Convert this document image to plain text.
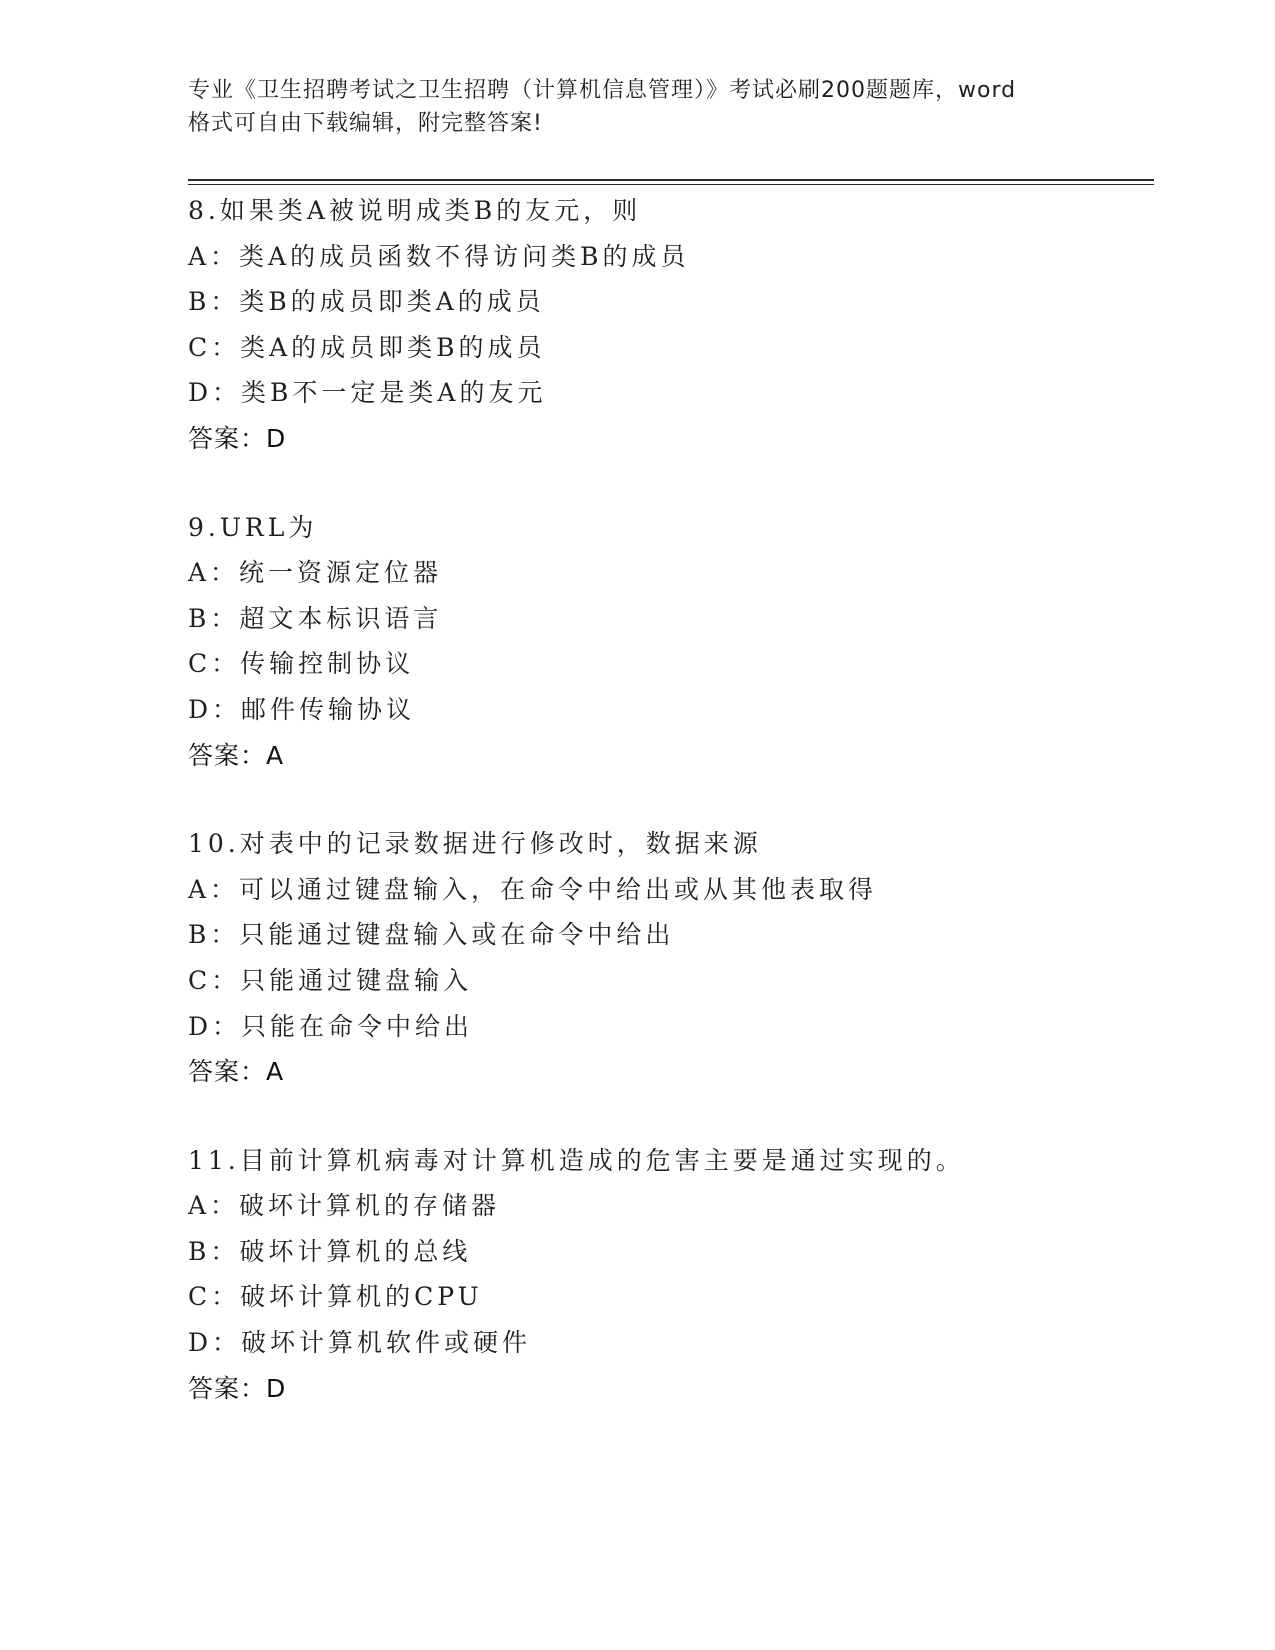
专业《卫生招聘考试之卫生招聘（计算机信息管理）》考试必刷200题题库，word
格式可自由下载编辑，附完整答案!
8.如果类A被说明成类B的友元，则
A：类A的成员函数不得访问类B的成员
B：类B的成员即类A的成员
C：类A的成员即类B的成员
D：类B不一定是类A的友元
答案：D
9.URL为
A：统一资源定位器
B：超文本标识语言
C：传输控制协议
D：邮件传输协议
答案：A
10.对表中的记录数据进行修改时，数据来源
A：可以通过键盘输入，在命令中给出或从其他表取得
B：只能通过键盘输入或在命令中给出
C：只能通过键盘输入
D：只能在命令中给出
答案：A
11.目前计算机病毒对计算机造成的危害主要是通过实现的。
A：破坏计算机的存储器
B：破坏计算机的总线
C：破坏计算机的CPU
D：破坏计算机软件或硬件
答案：D
